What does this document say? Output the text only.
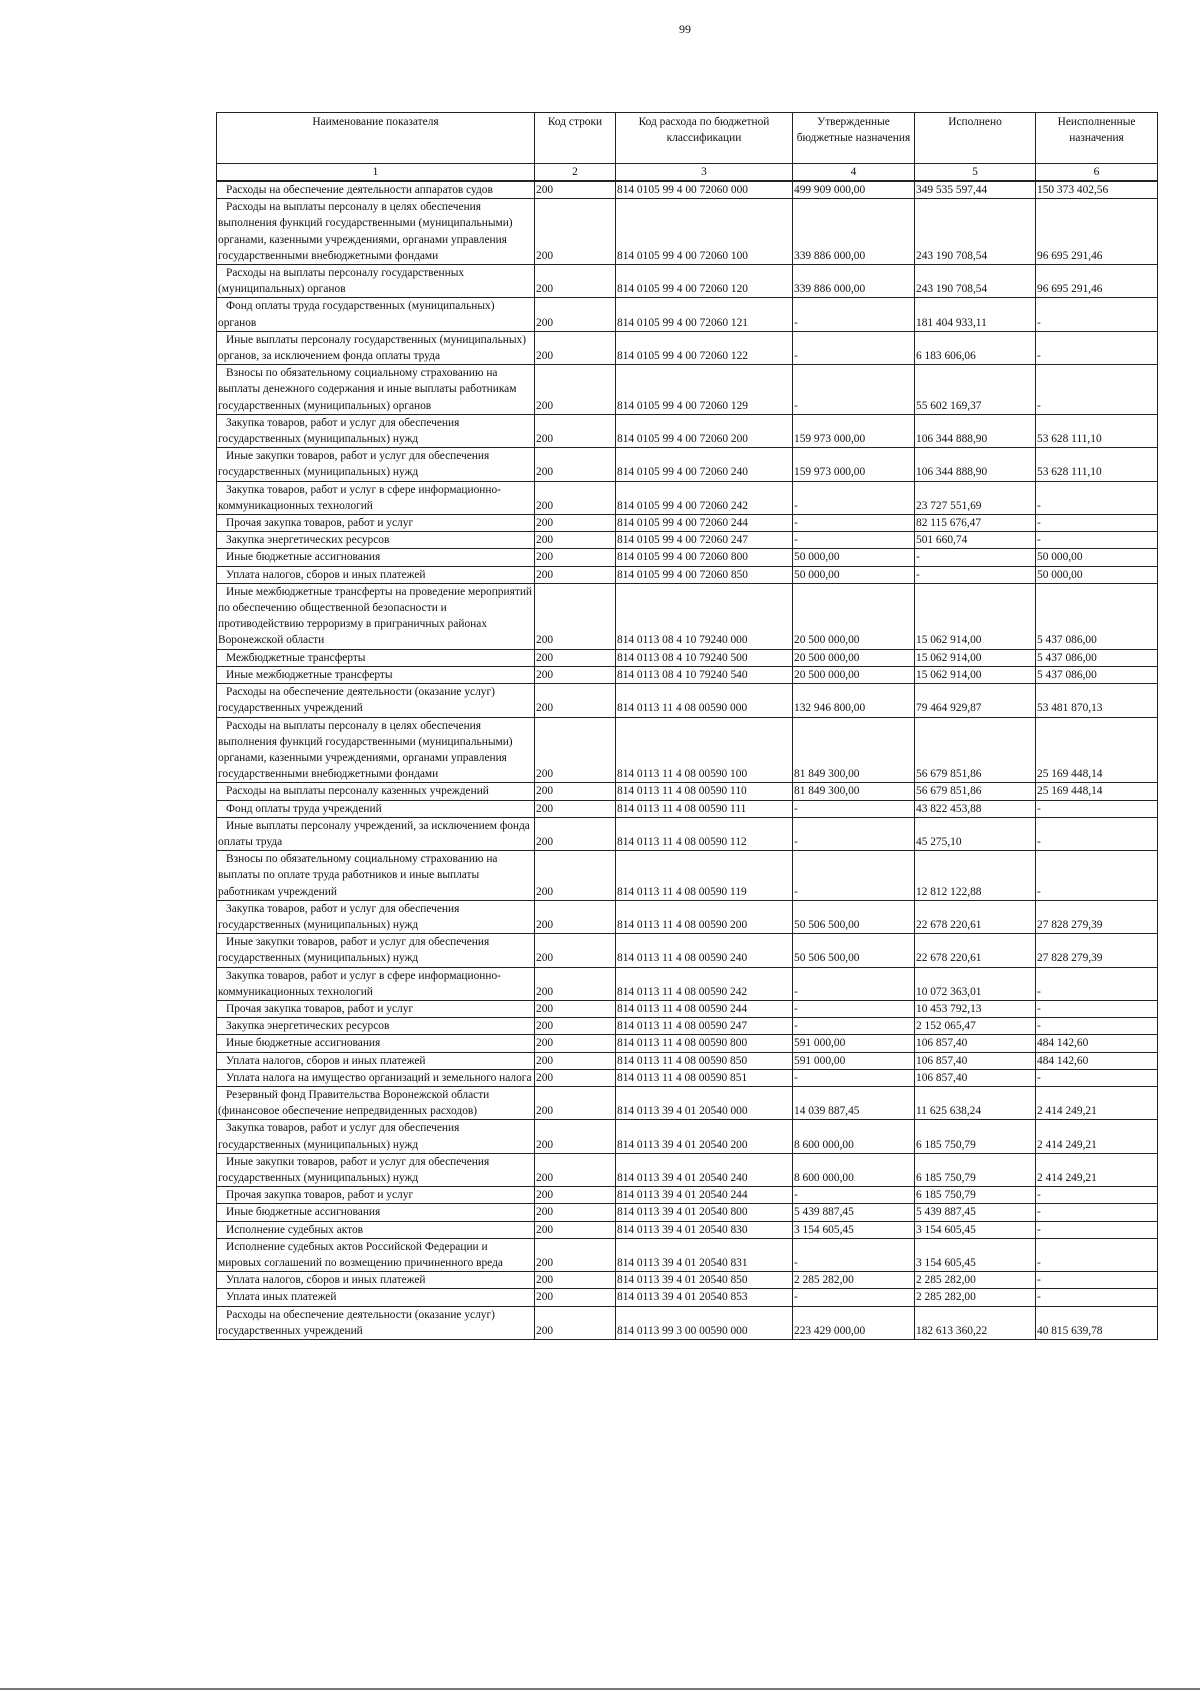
99
Наименование показателя	Код строки	Код расхода по бюджетной классификации	Утвержденные бюджетные назначения	Исполнено	Неисполненные назначения
1	2	3	4	5	6
Расходы на обеспечение деятельности аппаратов судов	200	814 0105 99 4 00 72060 000	499 909 000,00	349 535 597,44	150 373 402,56
Расходы на выплаты персоналу в целях обеспечения выполнения функций государственными (муниципальными) органами, казенными учреждениями, органами управления государственными внебюджетными фондами	200	814 0105 99 4 00 72060 100	339 886 000,00	243 190 708,54	96 695 291,46
Расходы на выплаты персоналу государственных (муниципальных) органов	200	814 0105 99 4 00 72060 120	339 886 000,00	243 190 708,54	96 695 291,46
Фонд оплаты труда государственных (муниципальных) органов	200	814 0105 99 4 00 72060 121	-	181 404 933,11	-
Иные выплаты персоналу государственных (муниципальных) органов, за исключением фонда оплаты труда	200	814 0105 99 4 00 72060 122	-	6 183 606,06	-
Взносы по обязательному социальному страхованию на выплаты денежного содержания и иные выплаты работникам государственных (муниципальных) органов	200	814 0105 99 4 00 72060 129	-	55 602 169,37	-
Закупка товаров, работ и услуг для обеспечения государственных (муниципальных) нужд	200	814 0105 99 4 00 72060 200	159 973 000,00	106 344 888,90	53 628 111,10
Иные закупки товаров, работ и услуг для обеспечения государственных (муниципальных) нужд	200	814 0105 99 4 00 72060 240	159 973 000,00	106 344 888,90	53 628 111,10
Закупка товаров, работ и услуг в сфере информационно-коммуникационных технологий	200	814 0105 99 4 00 72060 242	-	23 727 551,69	-
Прочая закупка товаров, работ и услуг	200	814 0105 99 4 00 72060 244	-	82 115 676,47	-
Закупка энергетических ресурсов	200	814 0105 99 4 00 72060 247	-	501 660,74	-
Иные бюджетные ассигнования	200	814 0105 99 4 00 72060 800	50 000,00	-	50 000,00
Уплата налогов, сборов и иных платежей	200	814 0105 99 4 00 72060 850	50 000,00	-	50 000,00
Иные межбюджетные трансферты на проведение мероприятий по обеспечению общественной безопасности и противодействию терроризму в приграничных районах Воронежской области	200	814 0113 08 4 10 79240 000	20 500 000,00	15 062 914,00	5 437 086,00
Межбюджетные трансферты	200	814 0113 08 4 10 79240 500	20 500 000,00	15 062 914,00	5 437 086,00
Иные межбюджетные трансферты	200	814 0113 08 4 10 79240 540	20 500 000,00	15 062 914,00	5 437 086,00
Расходы на обеспечение деятельности (оказание услуг) государственных учреждений	200	814 0113 11 4 08 00590 000	132 946 800,00	79 464 929,87	53 481 870,13
Расходы на выплаты персоналу в целях обеспечения выполнения функций государственными (муниципальными) органами, казенными учреждениями, органами управления государственными внебюджетными фондами	200	814 0113 11 4 08 00590 100	81 849 300,00	56 679 851,86	25 169 448,14
Расходы на выплаты персоналу казенных учреждений	200	814 0113 11 4 08 00590 110	81 849 300,00	56 679 851,86	25 169 448,14
Фонд оплаты труда учреждений	200	814 0113 11 4 08 00590 111	-	43 822 453,88	-
Иные выплаты персоналу учреждений, за исключением фонда оплаты труда	200	814 0113 11 4 08 00590 112	-	45 275,10	-
Взносы по обязательному социальному страхованию на выплаты по оплате труда работников и иные выплаты работникам учреждений	200	814 0113 11 4 08 00590 119	-	12 812 122,88	-
Закупка товаров, работ и услуг для обеспечения государственных (муниципальных) нужд	200	814 0113 11 4 08 00590 200	50 506 500,00	22 678 220,61	27 828 279,39
Иные закупки товаров, работ и услуг для обеспечения государственных (муниципальных) нужд	200	814 0113 11 4 08 00590 240	50 506 500,00	22 678 220,61	27 828 279,39
Закупка товаров, работ и услуг в сфере информационно-коммуникационных технологий	200	814 0113 11 4 08 00590 242	-	10 072 363,01	-
Прочая закупка товаров, работ и услуг	200	814 0113 11 4 08 00590 244	-	10 453 792,13	-
Закупка энергетических ресурсов	200	814 0113 11 4 08 00590 247	-	2 152 065,47	-
Иные бюджетные ассигнования	200	814 0113 11 4 08 00590 800	591 000,00	106 857,40	484 142,60
Уплата налогов, сборов и иных платежей	200	814 0113 11 4 08 00590 850	591 000,00	106 857,40	484 142,60
Уплата налога на имущество организаций и земельного налога	200	814 0113 11 4 08 00590 851	-	106 857,40	-
Резервный фонд Правительства Воронежской области (финансовое обеспечение непредвиденных расходов)	200	814 0113 39 4 01 20540 000	14 039 887,45	11 625 638,24	2 414 249,21
Закупка товаров, работ и услуг для обеспечения государственных (муниципальных) нужд	200	814 0113 39 4 01 20540 200	8 600 000,00	6 185 750,79	2 414 249,21
Иные закупки товаров, работ и услуг для обеспечения государственных (муниципальных) нужд	200	814 0113 39 4 01 20540 240	8 600 000,00	6 185 750,79	2 414 249,21
Прочая закупка товаров, работ и услуг	200	814 0113 39 4 01 20540 244	-	6 185 750,79	-
Иные бюджетные ассигнования	200	814 0113 39 4 01 20540 800	5 439 887,45	5 439 887,45	-
Исполнение судебных актов	200	814 0113 39 4 01 20540 830	3 154 605,45	3 154 605,45	-
Исполнение судебных актов Российской Федерации и мировых соглашений по возмещению причиненного вреда	200	814 0113 39 4 01 20540 831	-	3 154 605,45	-
Уплата налогов, сборов и иных платежей	200	814 0113 39 4 01 20540 850	2 285 282,00	2 285 282,00	-
Уплата иных платежей	200	814 0113 39 4 01 20540 853	-	2 285 282,00	-
Расходы на обеспечение деятельности (оказание услуг) государственных учреждений	200	814 0113 99 3 00 00590 000	223 429 000,00	182 613 360,22	40 815 639,78
